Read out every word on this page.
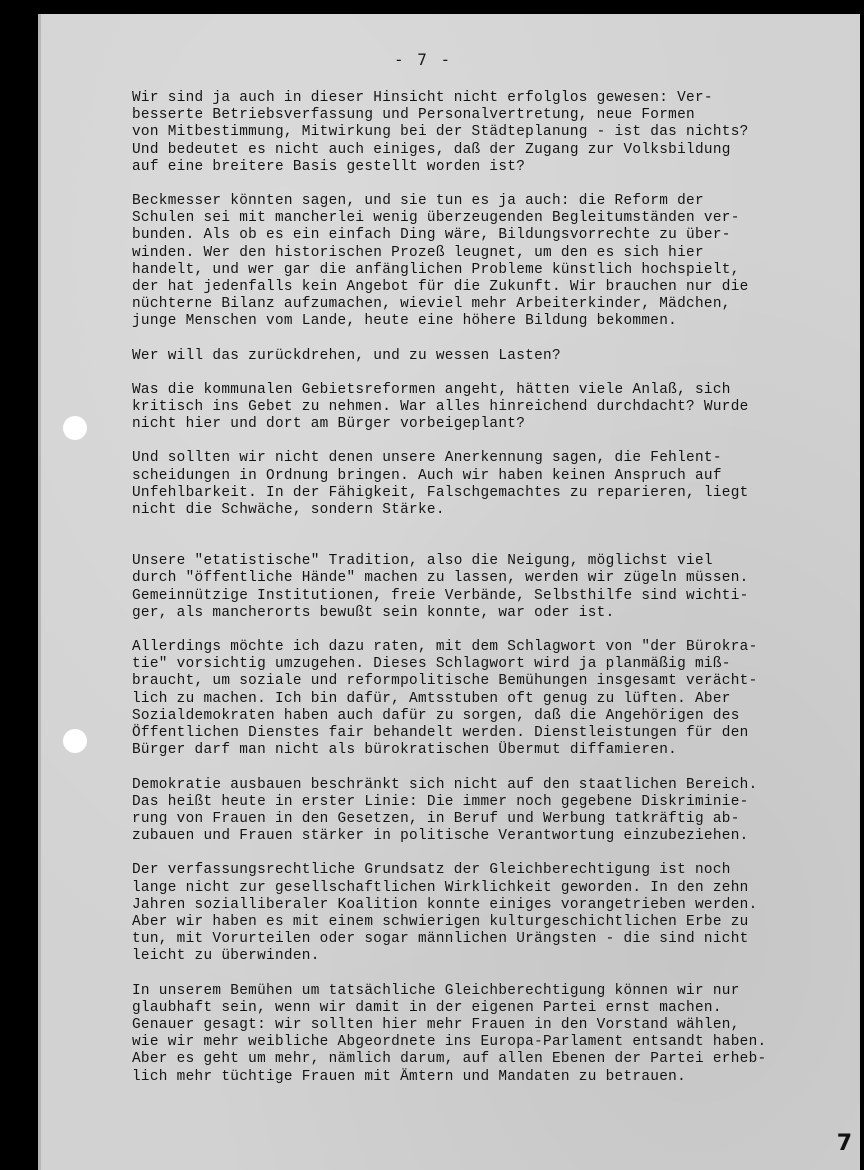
- 7 -

Wir sind ja auch in dieser Hinsicht nicht erfolglos gewesen: Ver-
besserte Betriebsverfassung und Personalvertretung, neue Formen
von Mitbestimmung, Mitwirkung bei der Städteplanung - ist das nichts?
Und bedeutet es nicht auch einiges, daß der Zugang zur Volksbildung
auf eine breitere Basis gestellt worden ist?

Beckmesser könnten sagen, und sie tun es ja auch: die Reform der
Schulen sei mit mancherlei wenig überzeugenden Begleitumständen ver-
bunden. Als ob es ein einfach Ding wäre, Bildungsvorrechte zu über-
winden. Wer den historischen Prozeß leugnet, um den es sich hier
handelt, und wer gar die anfänglichen Probleme künstlich hochspielt,
der hat jedenfalls kein Angebot für die Zukunft. Wir brauchen nur die
nüchterne Bilanz aufzumachen, wieviel mehr Arbeiterkinder, Mädchen,
junge Menschen vom Lande, heute eine höhere Bildung bekommen.

Wer will das zurückdrehen, und zu wessen Lasten?

Was die kommunalen Gebietsreformen angeht, hätten viele Anlaß, sich
kritisch ins Gebet zu nehmen. War alles hinreichend durchdacht? Wurde
nicht hier und dort am Bürger vorbeigeplant?

Und sollten wir nicht denen unsere Anerkennung sagen, die Fehlent-
scheidungen in Ordnung bringen. Auch wir haben keinen Anspruch auf
Unfehlbarkeit. In der Fähigkeit, Falschgemachtes zu reparieren, liegt
nicht die Schwäche, sondern Stärke.

Unsere "etatistische" Tradition, also die Neigung, möglichst viel
durch "öffentliche Hände" machen zu lassen, werden wir zügeln müssen.
Gemeinnützige Institutionen, freie Verbände, Selbsthilfe sind wichti-
ger, als mancherorts bewußt sein konnte, war oder ist.

Allerdings möchte ich dazu raten, mit dem Schlagwort von "der Bürokra-
tie" vorsichtig umzugehen. Dieses Schlagwort wird ja planmäßig miß-
braucht, um soziale und reformpolitische Bemühungen insgesamt verächt-
lich zu machen. Ich bin dafür, Amtsstuben oft genug zu lüften. Aber
Sozialdemokraten haben auch dafür zu sorgen, daß die Angehörigen des
Öffentlichen Dienstes fair behandelt werden. Dienstleistungen für den
Bürger darf man nicht als bürokratischen Übermut diffamieren.

Demokratie ausbauen beschränkt sich nicht auf den staatlichen Bereich.
Das heißt heute in erster Linie: Die immer noch gegebene Diskriminie-
rung von Frauen in den Gesetzen, in Beruf und Werbung tatkräftig ab-
zubauen und Frauen stärker in politische Verantwortung einzubeziehen.

Der verfassungsrechtliche Grundsatz der Gleichberechtigung ist noch
lange nicht zur gesellschaftlichen Wirklichkeit geworden. In den zehn
Jahren sozialliberaler Koalition konnte einiges vorangetrieben werden.
Aber wir haben es mit einem schwierigen kulturgeschichtlichen Erbe zu
tun, mit Vorurteilen oder sogar männlichen Urängsten - die sind nicht
leicht zu überwinden.

In unserem Bemühen um tatsächliche Gleichberechtigung können wir nur
glaubhaft sein, wenn wir damit in der eigenen Partei ernst machen.
Genauer gesagt: wir sollten hier mehr Frauen in den Vorstand wählen,
wie wir mehr weibliche Abgeordnete ins Europa-Parlament entsandt haben.
Aber es geht um mehr, nämlich darum, auf allen Ebenen der Partei erheb-
lich mehr tüchtige Frauen mit Ämtern und Mandaten zu betrauen.

7
